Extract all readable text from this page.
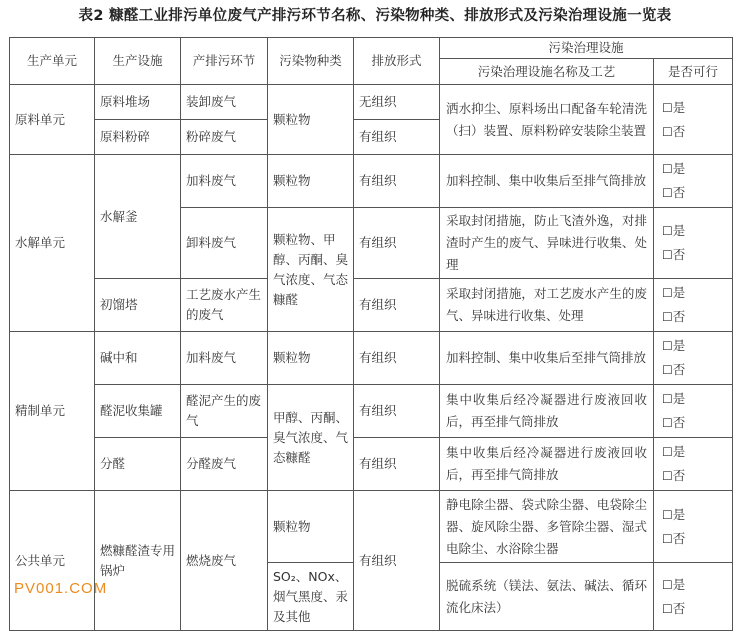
表2 糠醛工业排污单位废气产排污环节名称、污染物种类、排放形式及污染治理设施一览表
生产单元	生产设施	产排污环节	污染物种类	排放形式	污染治理设施	
					污染治理设施名称及工艺	是否可行
原料单元	原料堆场	装卸废气	颗粒物	无组织	洒水抑尘、原料场出口配备车轮清洗（扫）装置、原料粉碎安装除尘装置	☐是
☐否

	原料粉碎	粉碎废气		有组织		
水解单元	水解釜	加料废气	颗粒物	有组织	加料控制、集中收集后至排气筒排放	☐是
☐否

		卸料废气	颗粒物、甲醇、丙酮、臭气浓度、气态糠醛	有组织	采取封闭措施，防止飞渣外逸，对排渣时产生的废气、异味进行收集、处理	☐是
☐否

	初馏塔	工艺废水产生的废气		有组织	采取封闭措施，对工艺废水产生的废气、异味进行收集、处理	☐是
☐否

精制单元	碱中和	加料废气	颗粒物	有组织	加料控制、集中收集后至排气筒排放	☐是
☐否

	醛泥收集罐	醛泥产生的废气	甲醇、丙酮、臭气浓度、气态糠醛	有组织	集中收集后经冷凝器进行废液回收后，再至排气筒排放	☐是
☐否

	分醛	分醛废气		有组织	集中收集后经冷凝器进行废液回收后，再至排气筒排放	☐是
☐否

公共单元	燃糠醛渣专用锅炉	燃烧废气	颗粒物	有组织	静电除尘器、袋式除尘器、电袋除尘器、旋风除尘器、多管除尘器、湿式电除尘、水浴除尘器	☐是
☐否

			SO₂、NOx、烟气黑度、汞及其他		脱硫系统（镁法、氨法、碱法、循环流化床法）	☐是
☐否
PV001.COM
